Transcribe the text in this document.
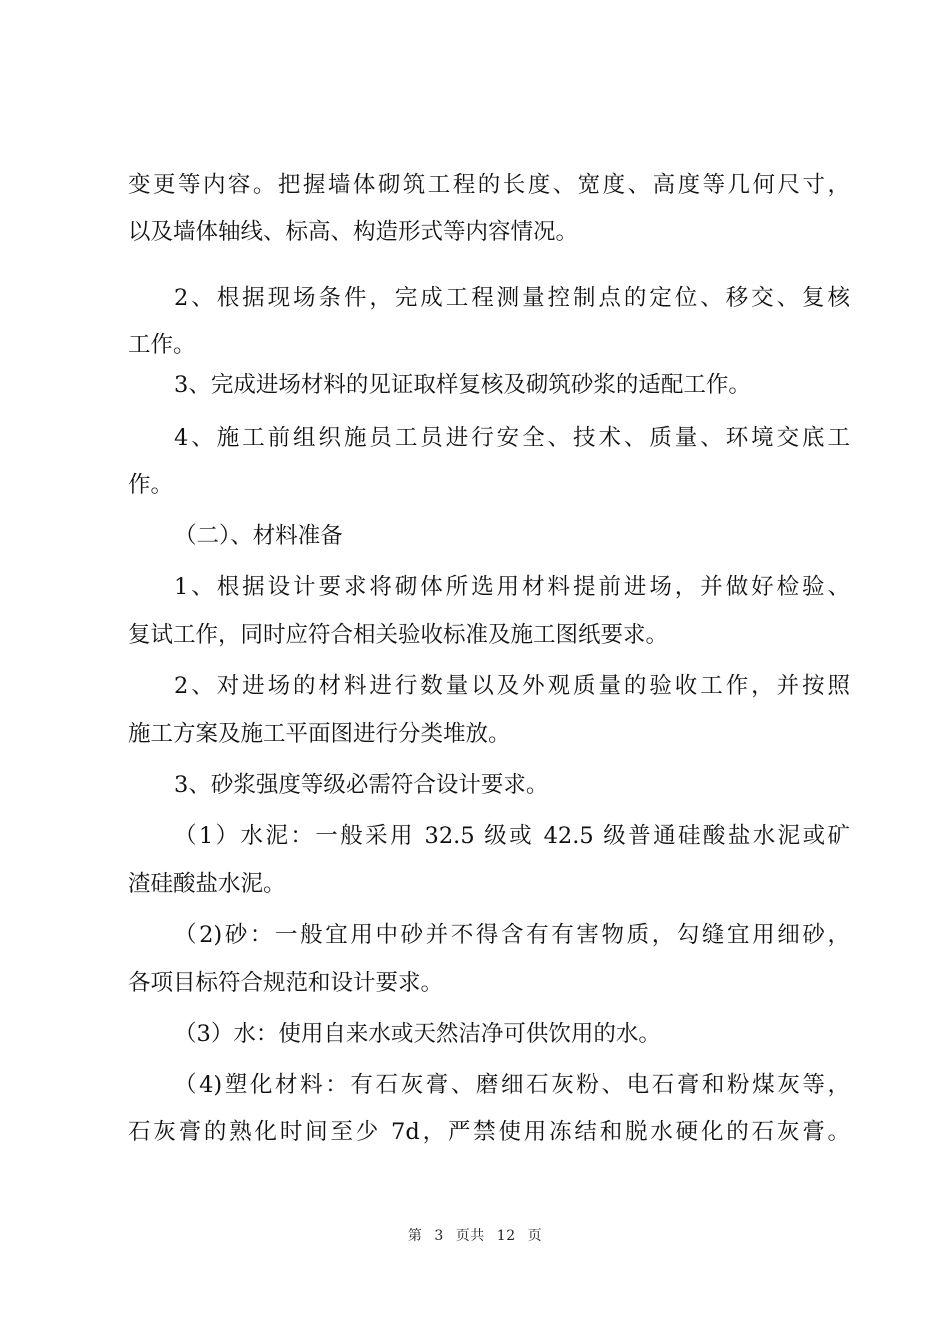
变更等内容。把握墙体砌筑工程的长度、宽度、高度等几何尺寸，
以及墙体轴线、标高、构造形式等内容情况。
2、根据现场条件，完成工程测量控制点的定位、移交、复核
工作。
3、完成进场材料的见证取样复核及砌筑砂浆的适配工作。
4、施工前组织施员工员进行安全、技术、质量、环境交底工
作。
（二）、材料准备
1、根据设计要求将砌体所选用材料提前进场，并做好检验、
复试工作，同时应符合相关验收标准及施工图纸要求。
2、对进场的材料进行数量以及外观质量的验收工作，并按照
施工方案及施工平面图进行分类堆放。
3、砂浆强度等级必需符合设计要求。
（1）水泥：一般采用 32.5 级或 42.5 级普通硅酸盐水泥或矿
渣硅酸盐水泥。
（2)砂：一般宜用中砂并不得含有有害物质，勾缝宜用细砂，
各项目标符合规范和设计要求。
（3）水：使用自来水或天然洁净可供饮用的水。
（4)塑化材料：有石灰膏、磨细石灰粉、电石膏和粉煤灰等，
石灰膏的熟化时间至少 7d，严禁使用冻结和脱水硬化的石灰膏。
第 3 页共 12 页
